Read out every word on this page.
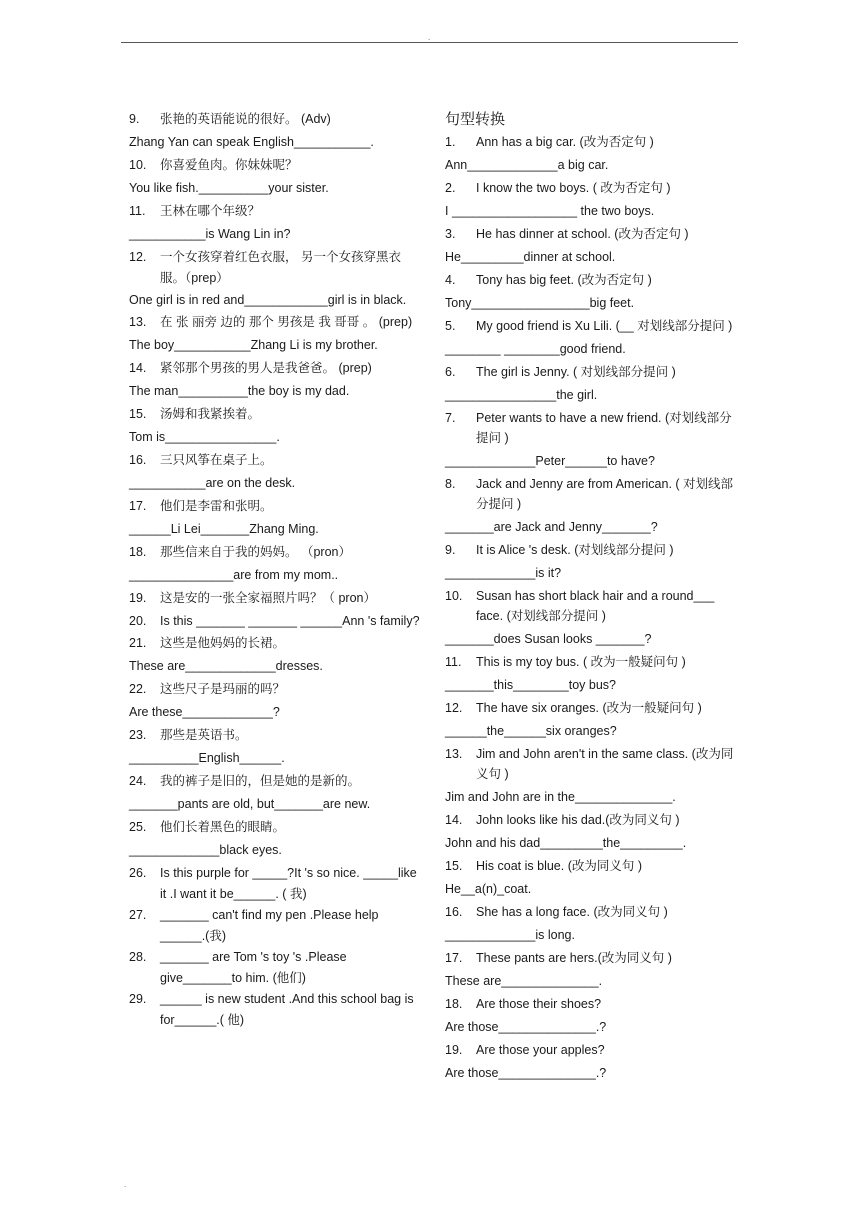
.
9. 张艳的英语能说的很好。 (Adv)
Zhang Yan can speak English___________.
10. 你喜爱鱼肉。你妹妹呢？
You like fish.__________your sister.
11. 王林在哪个年级？
___________is Wang Lin in?
12. 一个女孩穿着红色衣服， 另一个女孩穿黑衣服。（prep）
One girl is in red and____________girl is in black.
13. 在 张 丽旁 边的 那个 男孩是 我 哥哥 。 (prep)
The boy___________Zhang Li is my brother.
14. 紧邻那个男孩的男人是我爸爸。 (prep)
The man__________the boy is my dad.
15. 汤姆和我紧挨着。
Tom is________________.
16. 三只风筝在桌子上。
___________are on the desk.
17. 他们是李雷和张明。
______Li Lei_______Zhang Ming.
18. 那些信来自于我的妈妈。 （pron）
_______________are from my mom..
19. 这是安的一张全家福照片吗？（ pron）
20. Is this _______ _______ ______Ann 's family?
21. 这些是他妈妈的长裙。
These are_____________dresses.
22. 这些尺子是玛丽的吗？
Are these_____________?
23. 那些是英语书。
__________English______.
24. 我的裤子是旧的，但是她的是新的。
_______pants are old, but_______are new.
25. 他们长着黑色的眼睛。
_____________black eyes.
26. Is this purple for _____?It 's so nice. _____like it .I want it be______. ( 我)
27. _______ can't find my pen .Please help ______.(我)
28. _______ are Tom 's toy 's .Please give_______to him. (他们)
29. ______ is new student .And this school bag is for______.( 他)
句型转换
1. Ann has a big car. (改为否定句 )
Ann_____________a big car.
2. I know the two boys. ( 改为否定句 )
I __________________ the two boys.
3. He has dinner at school. (改为否定句 )
He_________dinner at school.
4. Tony has big feet. (改为否定句 )
Tony_________________big feet.
5. My good friend is Xu Lili. (__ 对划线部分提问 )
________ ________good friend.
6. The girl is Jenny. ( 对划线部分提问 )
________________the girl.
7. Peter wants to have a new friend. (对划线部分提问 )
_____________Peter______to have?
8. Jack and Jenny are from American. ( 对划线部分提问 )
_______are Jack and Jenny_______?
9. It is Alice 's desk. (对划线部分提问 )
_____________is it?
10. Susan has short black hair and a round___ face. (对划线部分提问 )
_______does Susan looks _______?
11. This is my toy bus. ( 改为一般疑问句 )
_______this________toy bus?
12. The have six oranges. (改为一般疑问句 )
______the______six oranges?
13. Jim and John aren't in the same class. (改为同义句 )
Jim and John are in the______________.
14. John looks like his dad.(改为同义句 )
John and his dad_________the_________.
15. His coat is blue. (改为同义句 )
He__a(n)_coat.
16. She has a long face. (改为同义句 )
_____________is long.
17. These pants are hers.(改为同义句 )
These are______________.
18. Are those their shoes?
Are those______________.?
19. Are those your apples?
Are those______________.?
.
